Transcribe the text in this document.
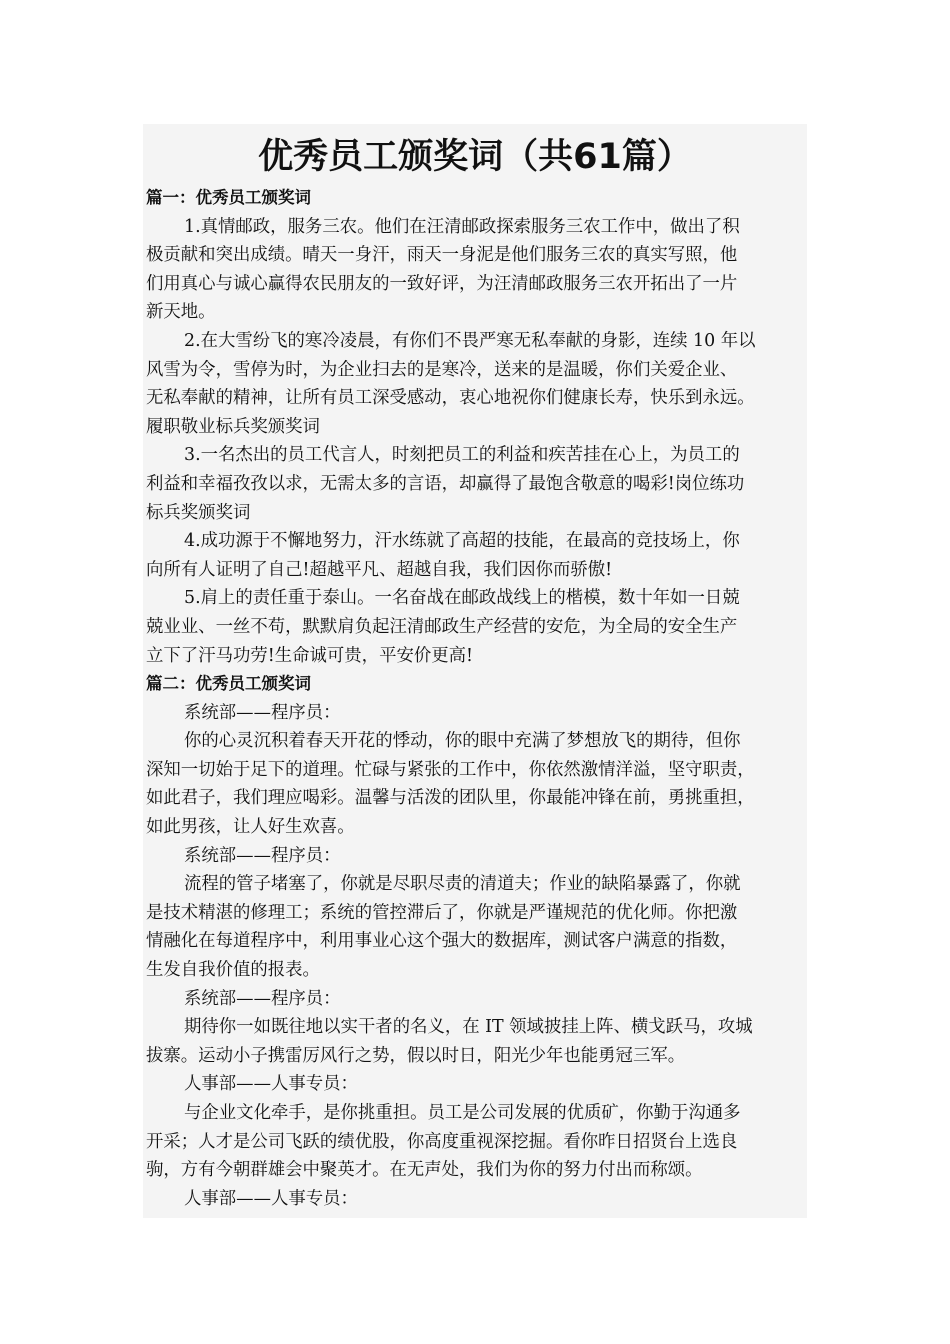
优秀员工颁奖词（共61篇）
篇一：优秀员工颁奖词
1.真情邮政，服务三农。他们在汪清邮政探索服务三农工作中，做出了积
极贡献和突出成绩。晴天一身汗，雨天一身泥是他们服务三农的真实写照，他
们用真心与诚心赢得农民朋友的一致好评，为汪清邮政服务三农开拓出了一片
新天地。
2.在大雪纷飞的寒冷凌晨，有你们不畏严寒无私奉献的身影，连续 10 年以
风雪为令，雪停为时，为企业扫去的是寒冷，送来的是温暖，你们关爱企业、
无私奉献的精神，让所有员工深受感动，衷心地祝你们健康长寿，快乐到永远。
履职敬业标兵奖颁奖词
3.一名杰出的员工代言人，时刻把员工的利益和疾苦挂在心上，为员工的
利益和幸福孜孜以求，无需太多的言语，却赢得了最饱含敬意的喝彩!岗位练功
标兵奖颁奖词
4.成功源于不懈地努力，汗水练就了高超的技能，在最高的竞技场上，你
向所有人证明了自己!超越平凡、超越自我，我们因你而骄傲!
5.肩上的责任重于泰山。一名奋战在邮政战线上的楷模，数十年如一日兢
兢业业、一丝不苟，默默肩负起汪清邮政生产经营的安危，为全局的安全生产
立下了汗马功劳!生命诚可贵，平安价更高!
篇二：优秀员工颁奖词
系统部——程序员：
你的心灵沉积着春天开花的悸动，你的眼中充满了梦想放飞的期待，但你
深知一切始于足下的道理。忙碌与紧张的工作中，你依然激情洋溢，坚守职责，
如此君子，我们理应喝彩。温馨与活泼的团队里，你最能冲锋在前，勇挑重担，
如此男孩，让人好生欢喜。
系统部——程序员：
流程的管子堵塞了，你就是尽职尽责的清道夫；作业的缺陷暴露了，你就
是技术精湛的修理工；系统的管控滞后了，你就是严谨规范的优化师。你把激
情融化在每道程序中，利用事业心这个强大的数据库，测试客户满意的指数，
生发自我价值的报表。
系统部——程序员：
期待你一如既往地以实干者的名义，在 IT 领域披挂上阵、横戈跃马，攻城
拔寨。运动小子携雷厉风行之势，假以时日，阳光少年也能勇冠三军。
人事部——人事专员：
与企业文化牵手，是你挑重担。员工是公司发展的优质矿，你勤于沟通多
开采；人才是公司飞跃的绩优股，你高度重视深挖掘。看你昨日招贤台上选良
驹，方有今朝群雄会中聚英才。在无声处，我们为你的努力付出而称颂。
人事部——人事专员：
